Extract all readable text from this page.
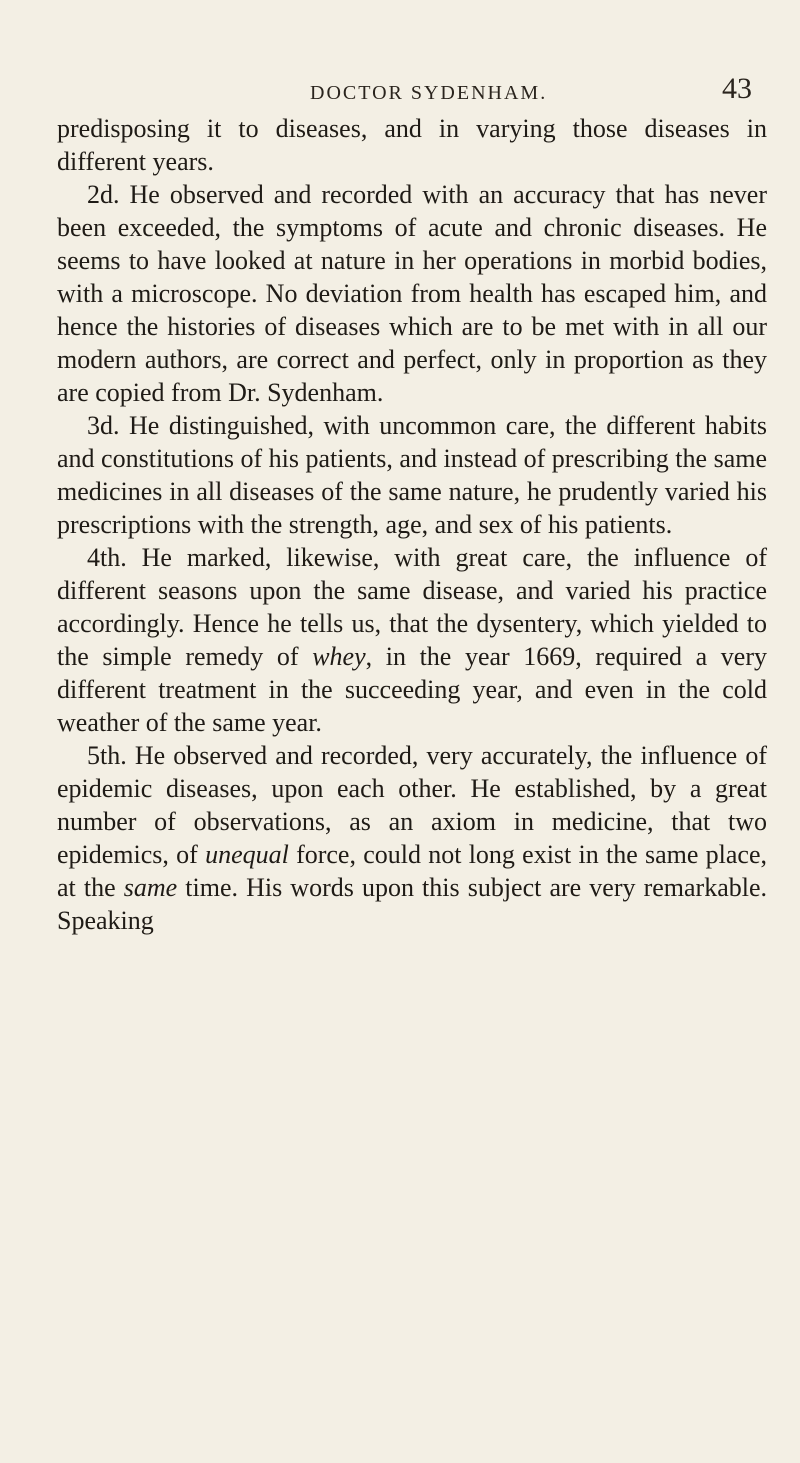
DOCTOR SYDENHAM.	43

predisposing it to diseases, and in varying those diseases in different years.

2d. He observed and recorded with an accuracy that has never been exceeded, the symptoms of acute and chronic diseases. He seems to have looked at nature in her operations in morbid bodies, with a microscope. No deviation from health has escaped him, and hence the histories of diseases which are to be met with in all our modern authors, are correct and perfect, only in proportion as they are copied from Dr. Sydenham.

3d. He distinguished, with uncommon care, the different habits and constitutions of his patients, and instead of prescribing the same medicines in all diseases of the same nature, he prudently varied his prescriptions with the strength, age, and sex of his patients.

4th. He marked, likewise, with great care, the influence of different seasons upon the same disease, and varied his practice accordingly. Hence he tells us, that the dysentery, which yielded to the simple remedy of whey, in the year 1669, required a very different treatment in the succeeding year, and even in the cold weather of the same year.

5th. He observed and recorded, very accurately, the influence of epidemic diseases, upon each other. He established, by a great number of observations, as an axiom in medicine, that two epidemics, of unequal force, could not long exist in the same place, at the same time. His words upon this subject are very remarkable. Speaking
